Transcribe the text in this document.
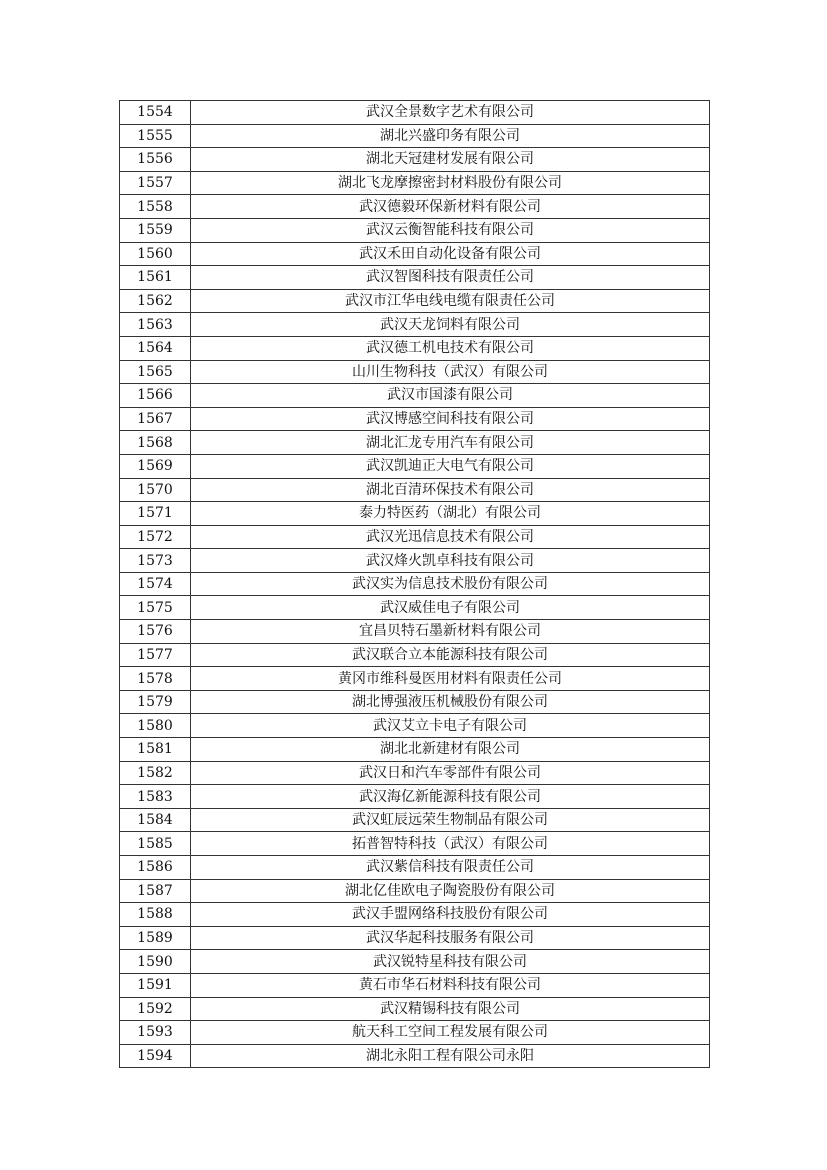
1554	武汉全景数字艺术有限公司
1555	湖北兴盛印务有限公司
1556	湖北天冠建材发展有限公司
1557	湖北飞龙摩擦密封材料股份有限公司
1558	武汉德毅环保新材料有限公司
1559	武汉云衡智能科技有限公司
1560	武汉禾田自动化设备有限公司
1561	武汉智图科技有限责任公司
1562	武汉市江华电线电缆有限责任公司
1563	武汉天龙饲料有限公司
1564	武汉德工机电技术有限公司
1565	山川生物科技（武汉）有限公司
1566	武汉市国漆有限公司
1567	武汉博感空间科技有限公司
1568	湖北汇龙专用汽车有限公司
1569	武汉凯迪正大电气有限公司
1570	湖北百清环保技术有限公司
1571	泰力特医药（湖北）有限公司
1572	武汉光迅信息技术有限公司
1573	武汉烽火凯卓科技有限公司
1574	武汉实为信息技术股份有限公司
1575	武汉威佳电子有限公司
1576	宜昌贝特石墨新材料有限公司
1577	武汉联合立本能源科技有限公司
1578	黄冈市维科曼医用材料有限责任公司
1579	湖北博强液压机械股份有限公司
1580	武汉艾立卡电子有限公司
1581	湖北北新建材有限公司
1582	武汉日和汽车零部件有限公司
1583	武汉海亿新能源科技有限公司
1584	武汉虹辰远荣生物制品有限公司
1585	拓普智特科技（武汉）有限公司
1586	武汉紫信科技有限责任公司
1587	湖北亿佳欧电子陶瓷股份有限公司
1588	武汉手盟网络科技股份有限公司
1589	武汉华起科技服务有限公司
1590	武汉锐特星科技有限公司
1591	黄石市华石材料科技有限公司
1592	武汉精锡科技有限公司
1593	航天科工空间工程发展有限公司
1594	湖北永阳工程有限公司永阳
